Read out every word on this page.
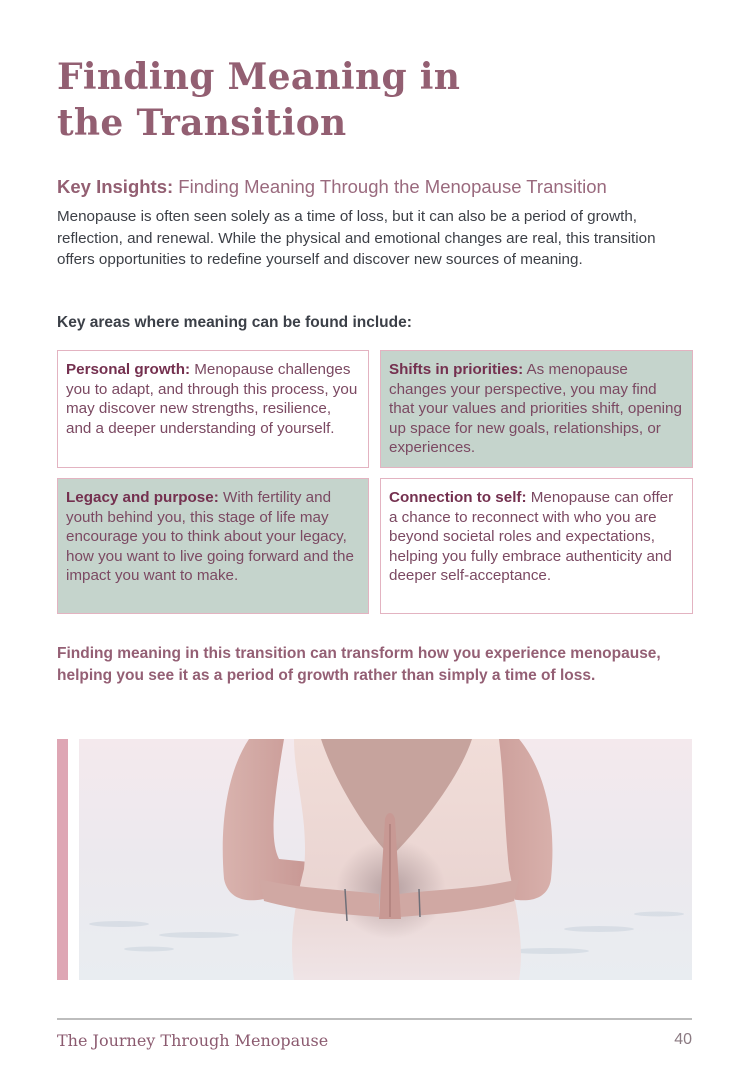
Finding Meaning in the Transition
Key Insights: Finding Meaning Through the Menopause Transition

Menopause is often seen solely as a time of loss, but it can also be a period of growth, reflection, and renewal. While the physical and emotional changes are real, this transition offers opportunities to redefine yourself and discover new sources of meaning.

Key areas where meaning can be found include:
Personal growth: Menopause challenges you to adapt, and through this process, you may discover new strengths, resilience, and a deeper understanding of yourself.
Shifts in priorities: As menopause changes your perspective, you may find that your values and priorities shift, opening up space for new goals, relationships, or experiences.
Legacy and purpose: With fertility and youth behind you, this stage of life may encourage you to think about your legacy, how you want to live going forward and the impact you want to make.
Connection to self: Menopause can offer a chance to reconnect with who you are beyond societal roles and expectations, helping you fully embrace authenticity and deeper self-acceptance.

Finding meaning in this transition can transform how you experience menopause, helping you see it as a period of growth rather than simply a time of loss.

The Journey Through Menopause	40
